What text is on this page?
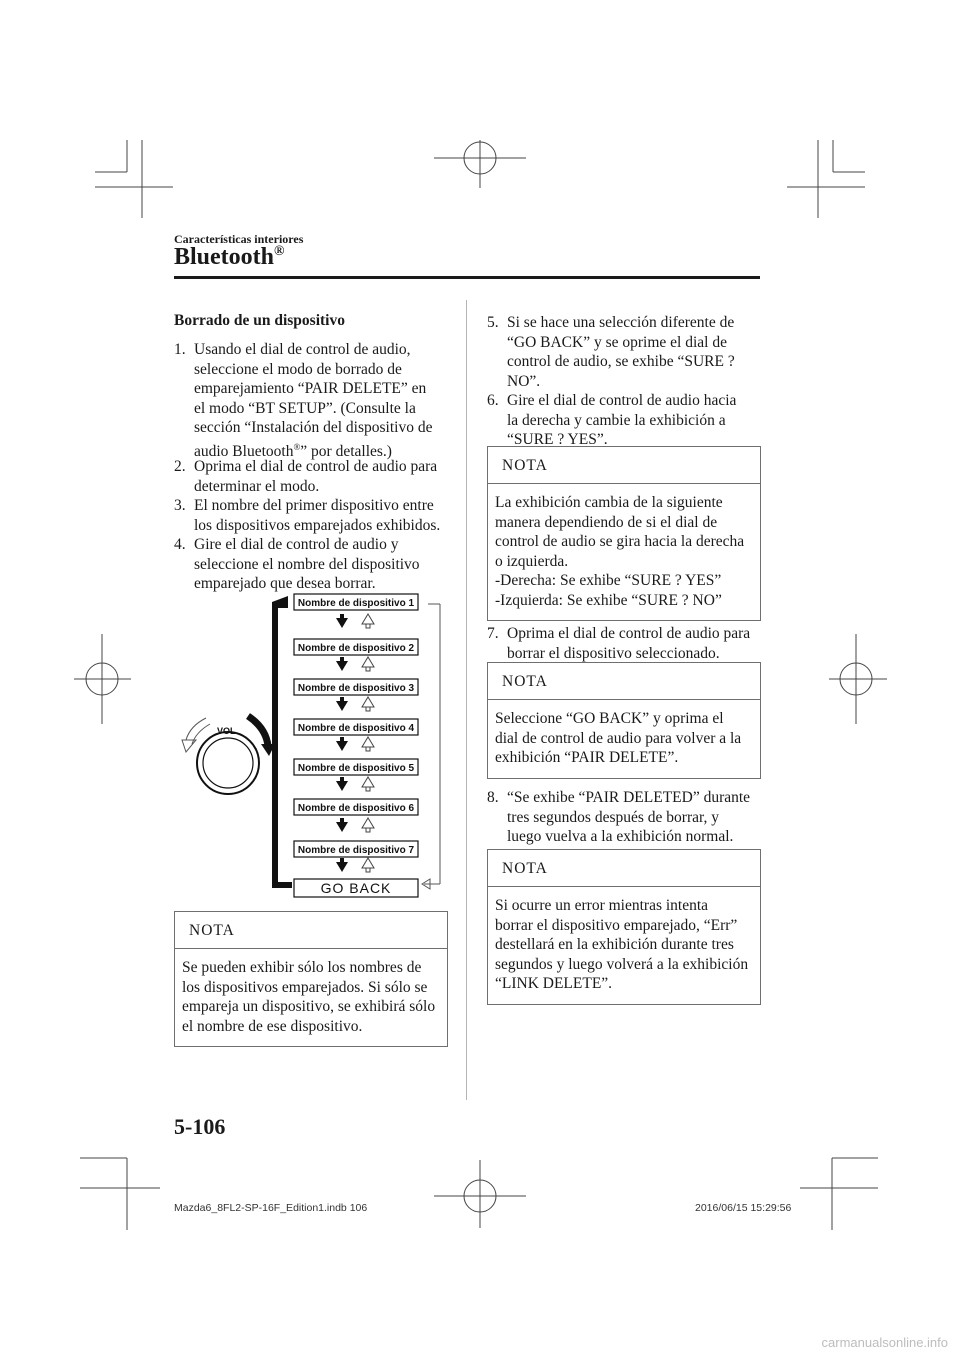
Características interiores
Bluetooth®
Borrado de un dispositivo
1. Usando el dial de control de audio,
seleccione el modo de borrado de
emparejamiento “PAIR DELETE” en
el modo “BT SETUP”. (Consulte la
sección “Instalación del dispositivo de
audio Bluetooth®” por detalles.)
2. Oprima el dial de control de audio para
determinar el modo.
3. El nombre del primer dispositivo entre
los dispositivos emparejados exhibidos.
4. Gire el dial de control de audio y
seleccione el nombre del dispositivo
emparejado que desea borrar.
VOL
Nombre de dispositivo 1
Nombre de dispositivo 2
Nombre de dispositivo 3
Nombre de dispositivo 4
Nombre de dispositivo 5
Nombre de dispositivo 6
Nombre de dispositivo 7
GO BACK
NOTA
Se pueden exhibir sólo los nombres de
los dispositivos emparejados. Si sólo se
empareja un dispositivo, se exhibirá sólo
el nombre de ese dispositivo.
5. Si se hace una selección diferente de
“GO BACK” y se oprime el dial de
control de audio, se exhibe “SURE ?
NO”.
6. Gire el dial de control de audio hacia
la derecha y cambie la exhibición a
“SURE ? YES”.
NOTA
La exhibición cambia de la siguiente
manera dependiendo de si el dial de
control de audio se gira hacia la derecha
o izquierda.
-Derecha: Se exhibe “SURE ? YES”
-Izquierda: Se exhibe “SURE ? NO”
7. Oprima el dial de control de audio para
borrar el dispositivo seleccionado.
NOTA
Seleccione “GO BACK” y oprima el
dial de control de audio para volver a la
exhibición “PAIR DELETE”.
8. “Se exhibe “PAIR DELETED” durante
tres segundos después de borrar, y
luego vuelva a la exhibición normal.
NOTA
Si ocurre un error mientras intenta
borrar el dispositivo emparejado, “Err”
destellará en la exhibición durante tres
segundos y luego volverá a la exhibición
“LINK DELETE”.
5-106
Mazda6_8FL2-SP-16F_Edition1.indb 106	2016/06/15 15:29:56
carmanualsonline.info
